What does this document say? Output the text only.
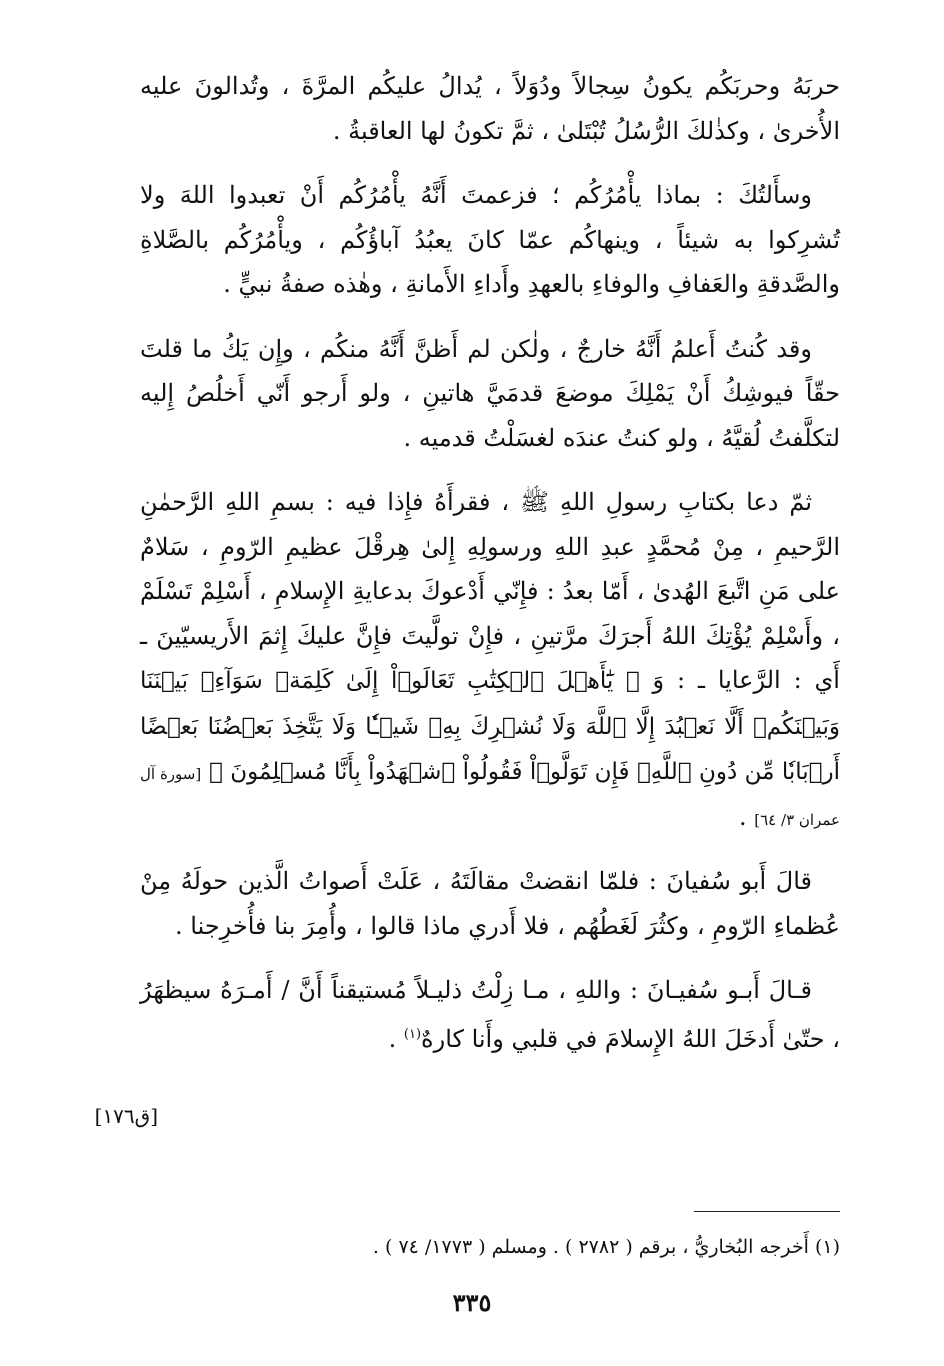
حربَهُ وحربَكُم يكونُ سِجالاً ودُوَلاً ، يُدالُ عليكُم المرَّةَ ، وتُدالونَ عليه الأُخرىٰ ، وكذٰلكَ الرُّسُلُ تُبْتَلىٰ ، ثمَّ تكونُ لها العاقبةُ .

وسأَلتُكَ : بماذا يأْمُرُكُم ؛ فزعمتَ أَنَّهُ يأْمُرُكُم أَنْ تعبدوا اللهَ ولا تُشرِكوا به شيئاً ، وينهاكُم عمّا كانَ يعبُدُ آباؤُكُم ، ويأْمُرُكُم بالصَّلاةِ والصَّدقةِ والعَفافِ والوفاءِ بالعهدِ وأَداءِ الأَمانةِ ، وهٰذه صفةُ نبيٍّ .

وقد كُنتُ أَعلمُ أَنَّهُ خارجٌ ، ولٰكن لم أَظنَّ أَنَّهُ منكُم ، وإِن يَكُ ما قلتَ حقّاً فيوشِكُ أَنْ يَمْلِكَ موضعَ قدمَيَّ هاتينِ ، ولو أَرجو أَنّي أَخلُصُ إِليه لتكلَّفتُ لُقيَّهُ ، ولو كنتُ عندَه لغسَلْتُ قدميه .

ثمّ دعا بكتابِ رسولِ اللهِ ﷺ ، فقرأَهُ فإِذا فيه : بسمِ اللهِ الرَّحمٰنِ الرَّحيمِ ، مِنْ مُحمَّدٍ عبدِ اللهِ ورسولِهِ إِلىٰ هِرقْلَ عظيمِ الرّومِ ، سَلامٌ على مَنِ اتَّبعَ الهُدىٰ ، أَمّا بعدُ : فإِنّي أَدْعوكَ بدعايةِ الإِسلامِ ، أَسْلِمْ تَسْلَمْ ، وأَسْلِمْ يُؤْتِكَ اللهُ أَجرَكَ مرَّتينِ ، فإِنْ تولَّيتَ فإِنَّ عليكَ إِثمَ الأَريسيّينَ ـ أَي : الرَّعايا ـ : وَ ﴿ يَٰٓأَهۡلَ ٱلۡكِتَٰبِ تَعَالَوۡاْ إِلَىٰ كَلِمَةٖ سَوَآءِۭ بَيۡنَنَا وَبَيۡنَكُمۡ أَلَّا نَعۡبُدَ إِلَّا ٱللَّهَ وَلَا نُشۡرِكَ بِهِۦ شَيۡـٔٗا وَلَا يَتَّخِذَ بَعۡضُنَا بَعۡضًا أَرۡبَابٗا مِّن دُونِ ٱللَّهِۚ فَإِن تَوَلَّوۡاْ فَقُولُواْ ٱشۡهَدُواْ بِأَنَّا مُسۡلِمُونَ ﴾ [سورة آل عمران ٣/ ٦٤] .

قالَ أَبو سُفيانَ : فلمّا انقضتْ مقالَتَهُ ، عَلَتْ أَصواتُ الَّذين حولَهُ مِنْ عُظماءِ الرّومِ ، وكثُرَ لَغَطُهُم ، فلا أَدري ماذا قالوا ، وأُمِرَ بنا فأُخرِجنا .

قـالَ أَبـو سُفيـانَ : واللهِ ، مـا زِلْتُ ذليـلاً مُستيقناً أَنَّ / أَمـرَهُ سيظهَرُ ، حتّىٰ أَدخَلَ اللهُ الإِسلامَ في قلبي وأَنا كارهٌ$^{(١)}$ .

[ق١٧٦]
(١) أَخرجه البُخاريُّ ، برقم ( ٢٧٨٢ ) . ومسلم ( ١٧٧٣/ ٧٤ ) .
٣٣٥
